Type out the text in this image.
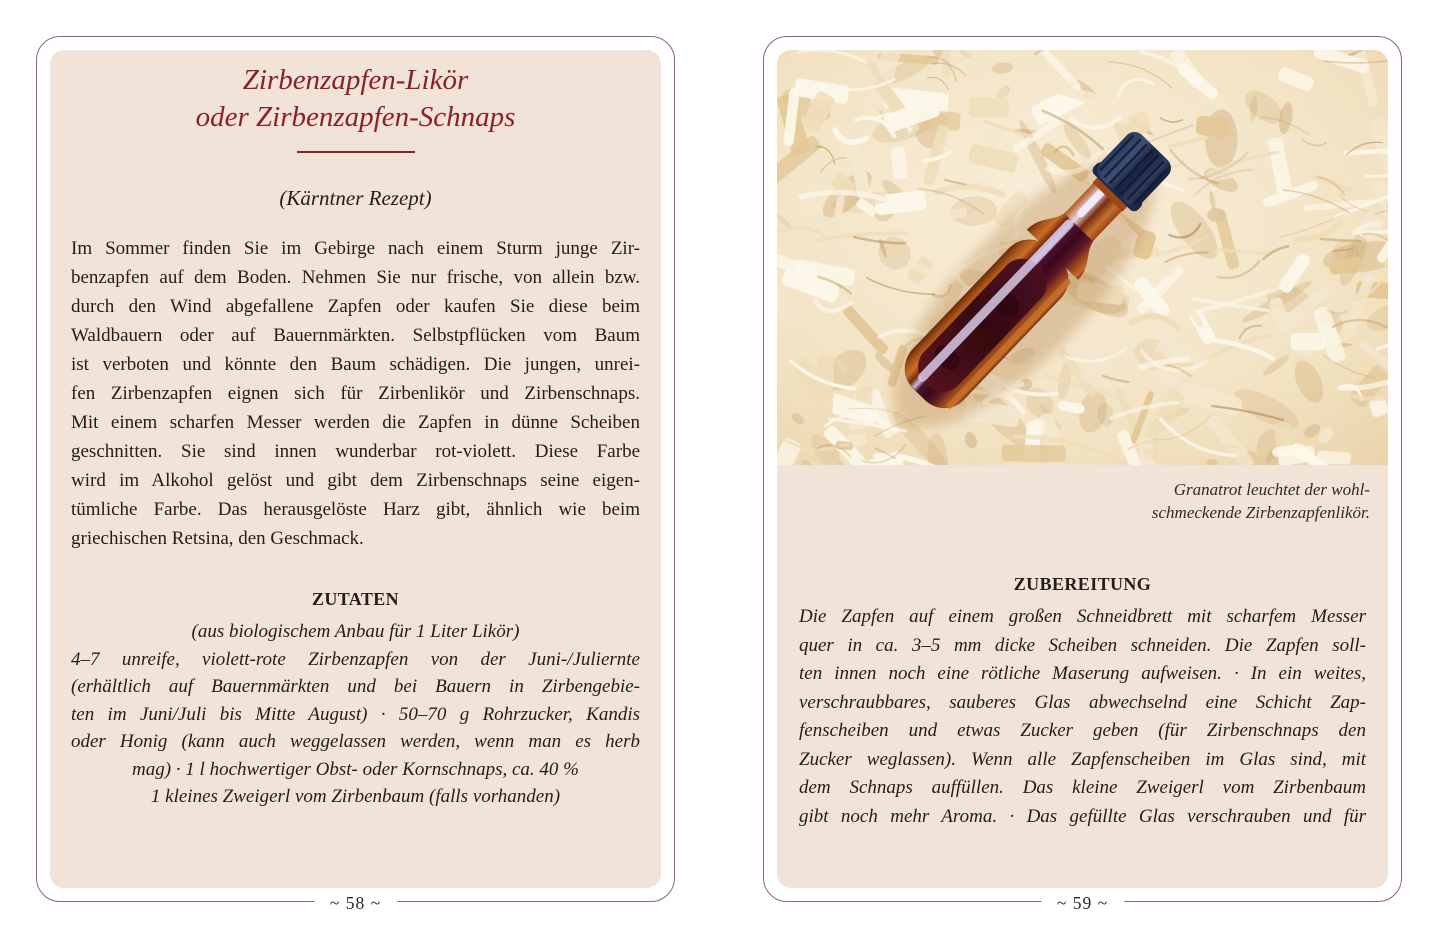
Zirbenzapfen-Likör
oder Zirbenzapfen-Schnaps
(Kärntner Rezept)
Im Sommer finden Sie im Gebirge nach einem Sturm junge Zir-
benzapfen auf dem Boden. Nehmen Sie nur frische, von allein bzw.
durch den Wind abgefallene Zapfen oder kaufen Sie diese beim
Waldbauern oder auf Bauernmärkten. Selbstpflücken vom Baum
ist verboten und könnte den Baum schädigen. Die jungen, unrei-
fen Zirbenzapfen eignen sich für Zirbenlikör und Zirbenschnaps.
Mit einem scharfen Messer werden die Zapfen in dünne Scheiben
geschnitten. Sie sind innen wunderbar rot-violett. Diese Farbe
wird im Alkohol gelöst und gibt dem Zirbenschnaps seine eigen-
tümliche Farbe. Das herausgelöste Harz gibt, ähnlich wie beim
griechischen Retsina, den Geschmack.
ZUTATEN
(aus biologischem Anbau für 1 Liter Likör)
4–7 unreife, violett-rote Zirbenzapfen von der Juni-/Juliernte
(erhältlich auf Bauernmärkten und bei Bauern in Zirbengebie-
ten im Juni/Juli bis Mitte August) · 50–70 g Rohrzucker, Kandis
oder Honig (kann auch weggelassen werden, wenn man es herb
mag) · 1 l hochwertiger Obst- oder Kornschnaps, ca. 40 %
1 kleines Zweigerl vom Zirbenbaum (falls vorhanden)
~ 58 ~
Granatrot leuchtet der wohl-
schmeckende Zirbenzapfenlikör.
ZUBEREITUNG
Die Zapfen auf einem großen Schneidbrett mit scharfem Messer
quer in ca. 3–5 mm dicke Scheiben schneiden. Die Zapfen soll-
ten innen noch eine rötliche Maserung aufweisen. · In ein weites,
verschraubbares, sauberes Glas abwechselnd eine Schicht Zap-
fenscheiben und etwas Zucker geben (für Zirbenschnaps den
Zucker weglassen). Wenn alle Zapfenscheiben im Glas sind, mit
dem Schnaps auffüllen. Das kleine Zweigerl vom Zirbenbaum
gibt noch mehr Aroma. · Das gefüllte Glas verschrauben und für
~ 59 ~
